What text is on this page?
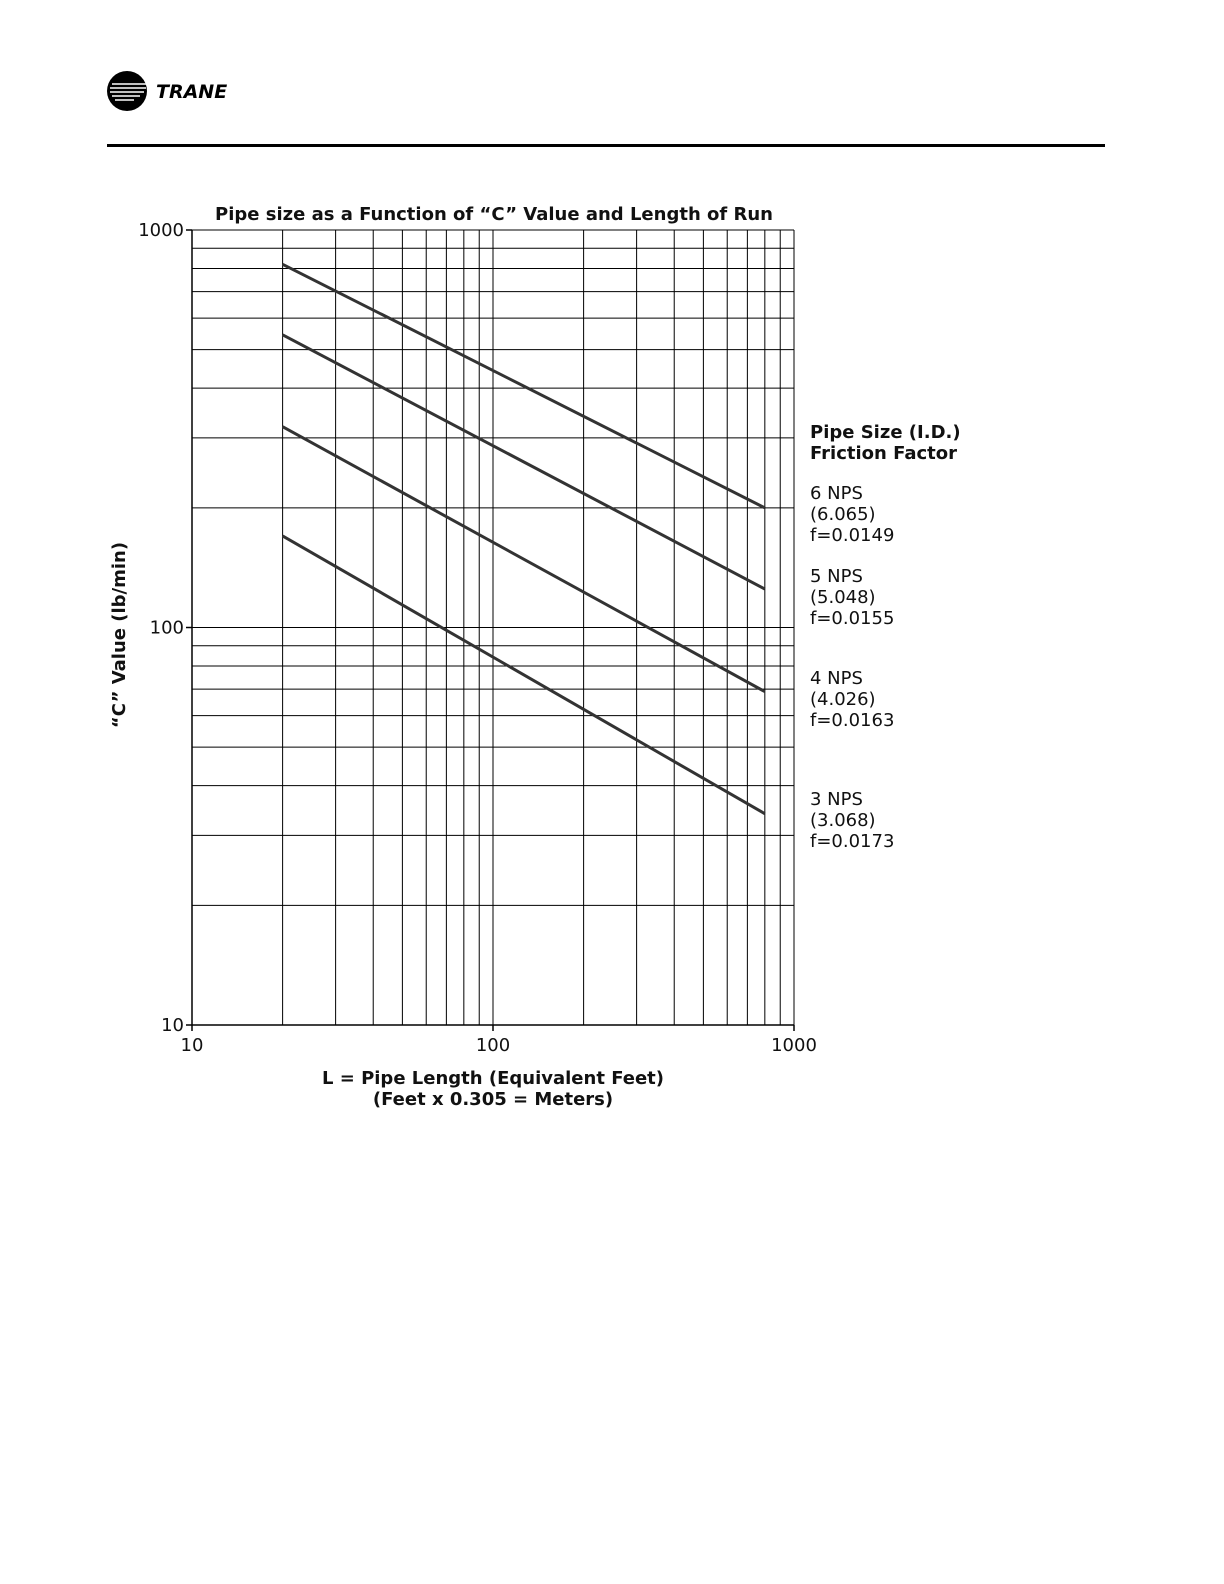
TRANE
10	100	1000
10
100
1000
Pipe size as a Function of “C” Value and Length of Run
L = Pipe Length (Equivalent Feet)
(Feet x 0.305 = Meters)
“C” Value (lb/min)
Pipe Size (I.D.)
Friction Factor
6 NPS
(6.065)
f=0.0149
5 NPS
(5.048)
f=0.0155
4 NPS
(4.026)
f=0.0163
3 NPS
(3.068)
f=0.0173
